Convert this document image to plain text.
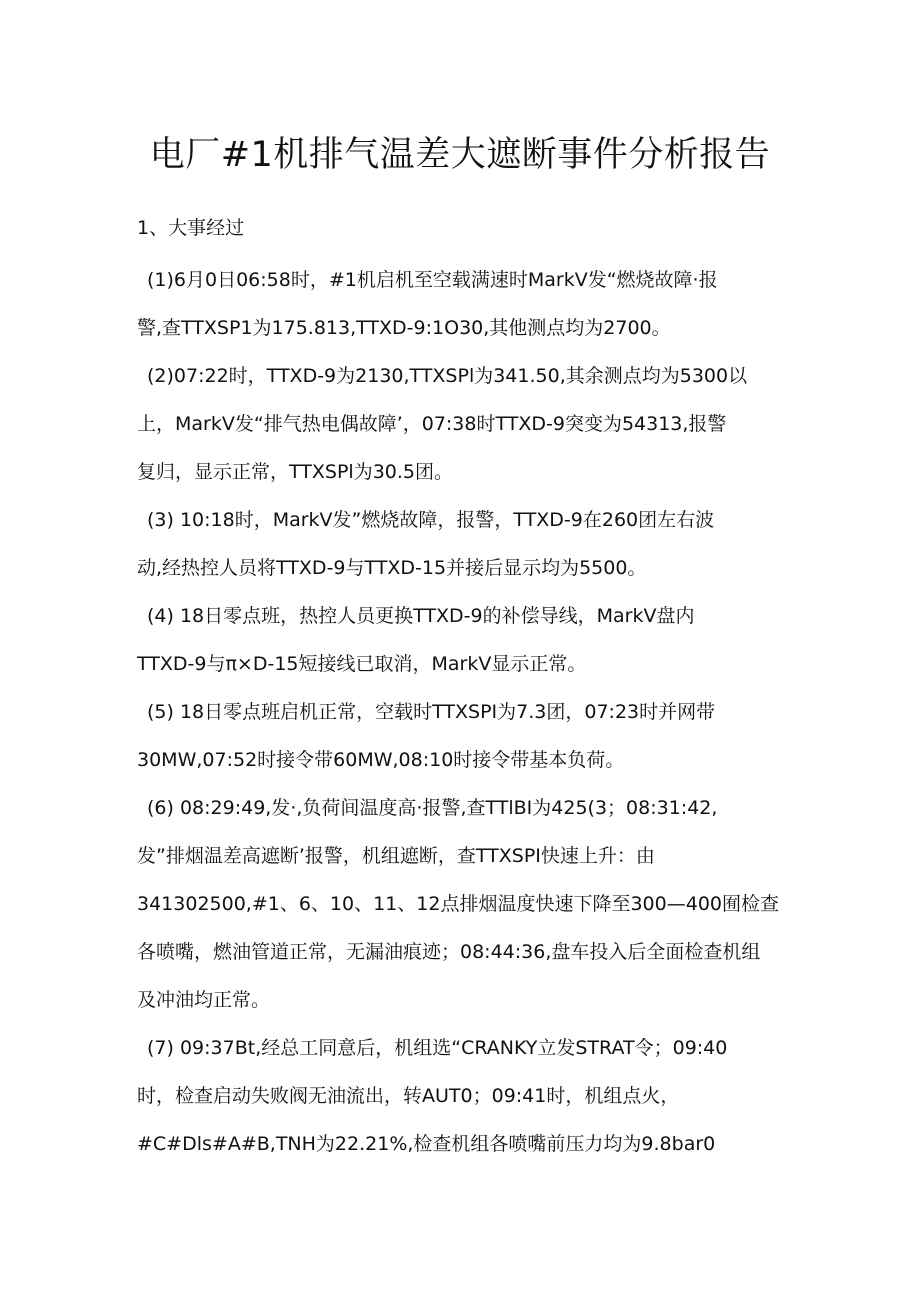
电厂#1机排气温差大遮断事件分析报告
1、大事经过
(1)6月0日06:58时，#1机启机至空载满速时MarkV发“燃烧故障·报
警,查TTXSP1为175.813,TTXD-9:1O30,其他测点均为2700。
(2)07:22时，TTXD-9为2130,TTXSPl为341.50,其余测点均为5300以
上，MarkV发“排气热电偶故障’，07:38时TTXD-9突变为54313,报警
复归，显示正常，TTXSPl为30.5团。
(3) 10:18时，MarkV发”燃烧故障，报警，TTXD-9在260团左右波
动,经热控人员将TTXD-9与TTXD-15并接后显示均为5500。
(4) 18日零点班，热控人员更换TTXD-9的补偿导线，MarkV盘内
TTXD-9与π×D-15短接线已取消，MarkV显示正常。
(5) 18日零点班启机正常，空载时TTXSPI为7.3团，07:23时并网带
30MW,07:52时接令带60MW,08:10时接令带基本负荷。
(6) 08:29:49,发·,负荷间温度高·报警,查TTlBI为425(3；08:31:42,
发”排烟温差高遮断’报警，机组遮断，查TTXSPI快速上升：由
341302500,#1、6、10、11、12点排烟温度快速下降至300—400囿检查
各喷嘴，燃油管道正常，无漏油痕迹；08:44:36,盘车投入后全面检查机组
及冲油均正常。
(7) 09:37Bt,经总工同意后，机组选“CRANKY立发STRAT令；09:40
时，检查启动失败阀无油流出，转AUT0；09:41时，机组点火，
#C#Dls#A#B,TNH为22.21%,检查机组各喷嘴前压力均为9.8bar0
